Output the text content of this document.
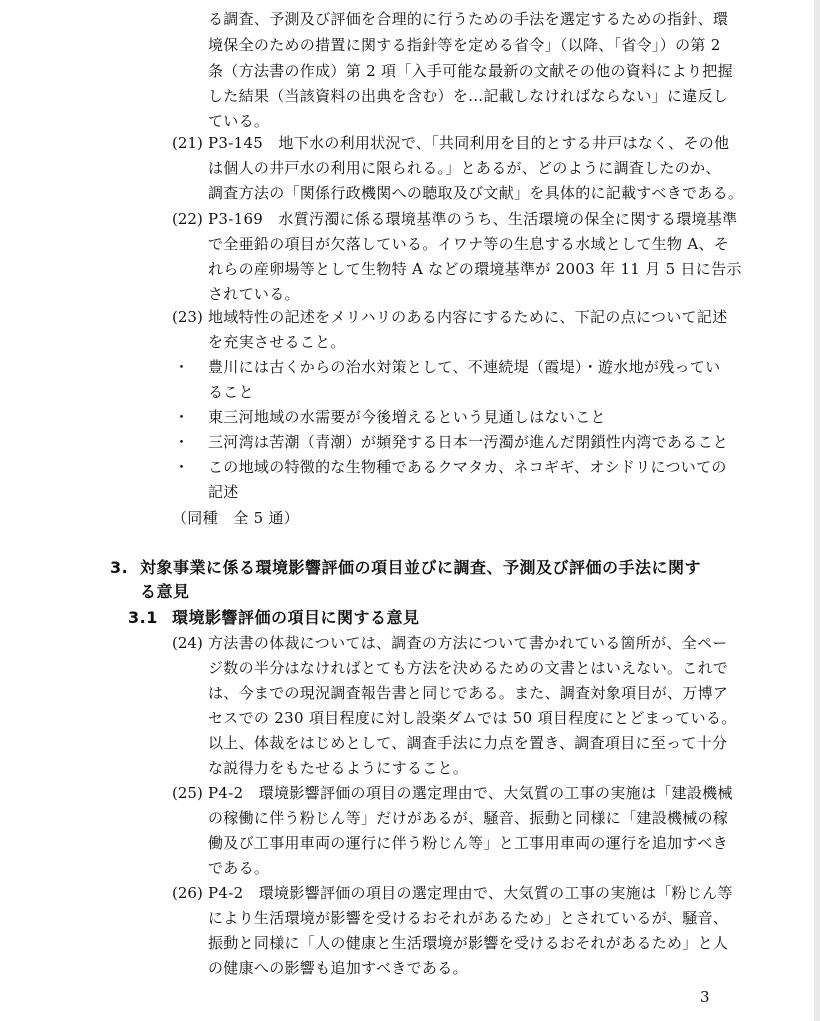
る調査、予測及び評価を合理的に行うための手法を選定するための指針、環
境保全のための措置に関する指針等を定める省令」（以降、「省令」）の第 2
条（方法書の作成）第 2 項「入手可能な最新の文献その他の資料により把握
した結果（当該資料の出典を含む）を…記載しなければならない」に違反し
ている。
(21) P3-145　地下水の利用状況で、「共同利用を目的とする井戸はなく、その他
は個人の井戸水の利用に限られる。」とあるが、どのように調査したのか、
調査方法の「関係行政機関への聴取及び文献」を具体的に記載すべきである。
(22) P3-169　水質汚濁に係る環境基準のうち、生活環境の保全に関する環境基準
で全亜鉛の項目が欠落している。イワナ等の生息する水域として生物 A、そ
れらの産卵場等として生物特 A などの環境基準が 2003 年 11 月 5 日に告示
されている。
(23) 地域特性の記述をメリハリのある内容にするために、下記の点について記述
を充実させること。
・ 豊川には古くからの治水対策として、不連続堤（霞堤）・遊水地が残ってい
ること
・ 東三河地域の水需要が今後増えるという見通しはないこと
・ 三河湾は苦潮（青潮）が頻発する日本一汚濁が進んだ閉鎖性内湾であること
・ この地域の特徴的な生物種であるクマタカ、ネコギギ、オシドリについての
記述
（同種　全 5 通）
3. 対象事業に係る環境影響評価の項目並びに調査、予測及び評価の手法に関す
る意見
3.1 環境影響評価の項目に関する意見
(24) 方法書の体裁については、調査の方法について書かれている箇所が、全ペー
ジ数の半分はなければとても方法を決めるための文書とはいえない。これで
は、今までの現況調査報告書と同じである。また、調査対象項目が、万博ア
セスでの 230 項目程度に対し設楽ダムでは 50 項目程度にとどまっている。
以上、体裁をはじめとして、調査手法に力点を置き、調査項目に至って十分
な説得力をもたせるようにすること。
(25) P4-2　環境影響評価の項目の選定理由で、大気質の工事の実施は「建設機械
の稼働に伴う粉じん等」だけがあるが、騒音、振動と同様に「建設機械の稼
働及び工事用車両の運行に伴う粉じん等」と工事用車両の運行を追加すべき
である。
(26) P4-2　環境影響評価の項目の選定理由で、大気質の工事の実施は「粉じん等
により生活環境が影響を受けるおそれがあるため」とされているが、騒音、
振動と同様に「人の健康と生活環境が影響を受けるおそれがあるため」と人
の健康への影響も追加すべきである。
3
